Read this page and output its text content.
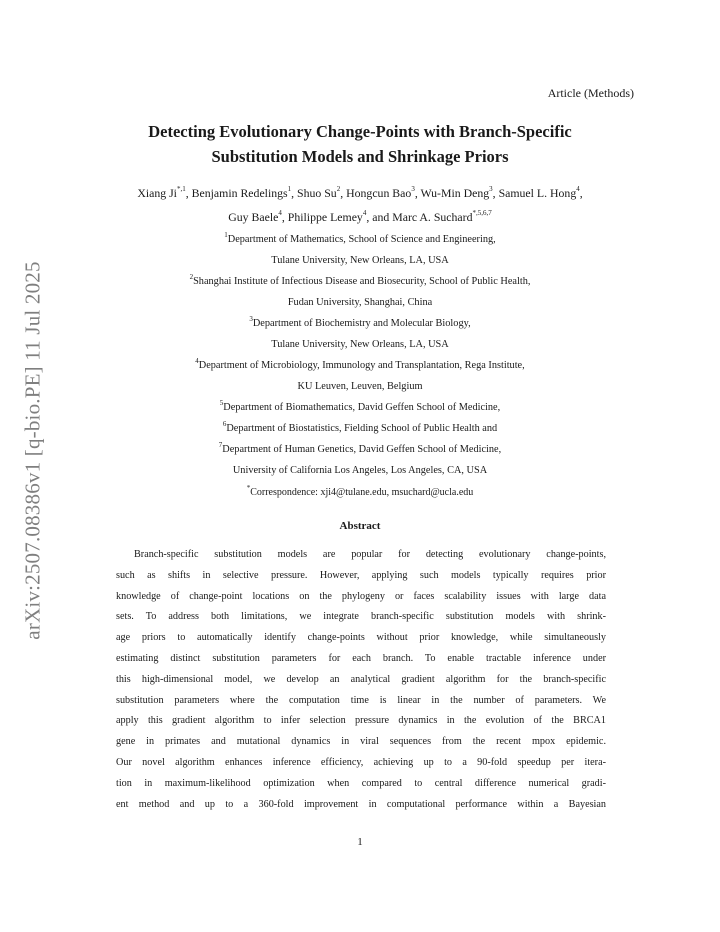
arXiv:2507.08386v1 [q-bio.PE] 11 Jul 2025
Article (Methods)
Detecting Evolutionary Change-Points with Branch-Specific
Substitution Models and Shrinkage Priors
Xiang $Ji^{*,1}$, Benjamin Redelings$^1$, Shuo Su$^2$, Hongcun Bao$^3$, Wu-Min Deng$^3$, Samuel L. Hong$^4$,
Guy Baele$^4$, Philippe Lemey$^4$, and Marc A. Suchard$^{*,5,6,7}$
$^1$Department of Mathematics, School of Science and Engineering,
Tulane University, New Orleans, LA, USA
$^2$Shanghai Institute of Infectious Disease and Biosecurity, School of Public Health,
Fudan University, Shanghai, China
$^3$Department of Biochemistry and Molecular Biology,
Tulane University, New Orleans, LA, USA
$^4$Department of Microbiology, Immunology and Transplantation, Rega Institute,
KU Leuven, Leuven, Belgium
$^5$Department of Biomathematics, David Geffen School of Medicine,
$^6$Department of Biostatistics, Fielding School of Public Health and
$^7$Department of Human Genetics, David Geffen School of Medicine,
University of California Los Angeles, Los Angeles, CA, USA
*Correspondence: xji4@tulane.edu, msuchard@ucla.edu
Abstract
Branch-specific substitution models are popular for detecting evolutionary change-points,
such as shifts in selective pressure. However, applying such models typically requires prior
knowledge of change-point locations on the phylogeny or faces scalability issues with large data
sets. To address both limitations, we integrate branch-specific substitution models with shrink-
age priors to automatically identify change-points without prior knowledge, while simultaneously
estimating distinct substitution parameters for each branch. To enable tractable inference under
this high-dimensional model, we develop an analytical gradient algorithm for the branch-specific
substitution parameters where the computation time is linear in the number of parameters. We
apply this gradient algorithm to infer selection pressure dynamics in the evolution of the BRCA1
gene in primates and mutational dynamics in viral sequences from the recent mpox epidemic.
Our novel algorithm enhances inference efficiency, achieving up to a 90-fold speedup per itera-
tion in maximum-likelihood optimization when compared to central difference numerical gradi-
ent method and up to a 360-fold improvement in computational performance within a Bayesian
1
